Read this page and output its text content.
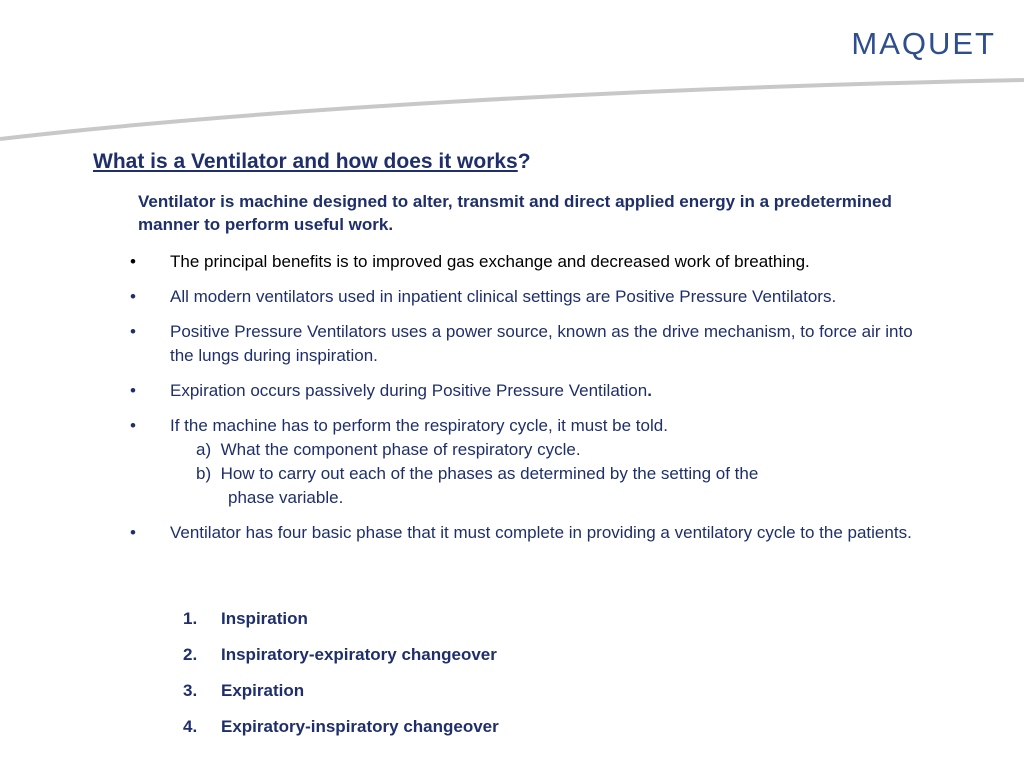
MAQUET
What is a Ventilator and how does it works?
Ventilator is machine designed to alter, transmit and direct applied energy in a predetermined manner to perform useful work.
•	The principal benefits is to improved gas exchange and decreased work of breathing.
•	All modern ventilators used in inpatient clinical settings are Positive Pressure Ventilators.
•	Positive Pressure Ventilators uses a power source, known as the drive mechanism, to force air into the lungs during inspiration.
•	Expiration occurs passively during Positive Pressure Ventilation.
•	If the machine has to perform the respiratory cycle, it must be told.
a) What the component phase of respiratory cycle.
b) How to carry out each of the phases as determined by the setting of the
phase variable.
•	Ventilator has four basic phase that it must complete in providing a ventilatory cycle to the patients.
1. Inspiration
2. Inspiratory-expiratory changeover
3. Expiration
4. Expiratory-inspiratory changeover
